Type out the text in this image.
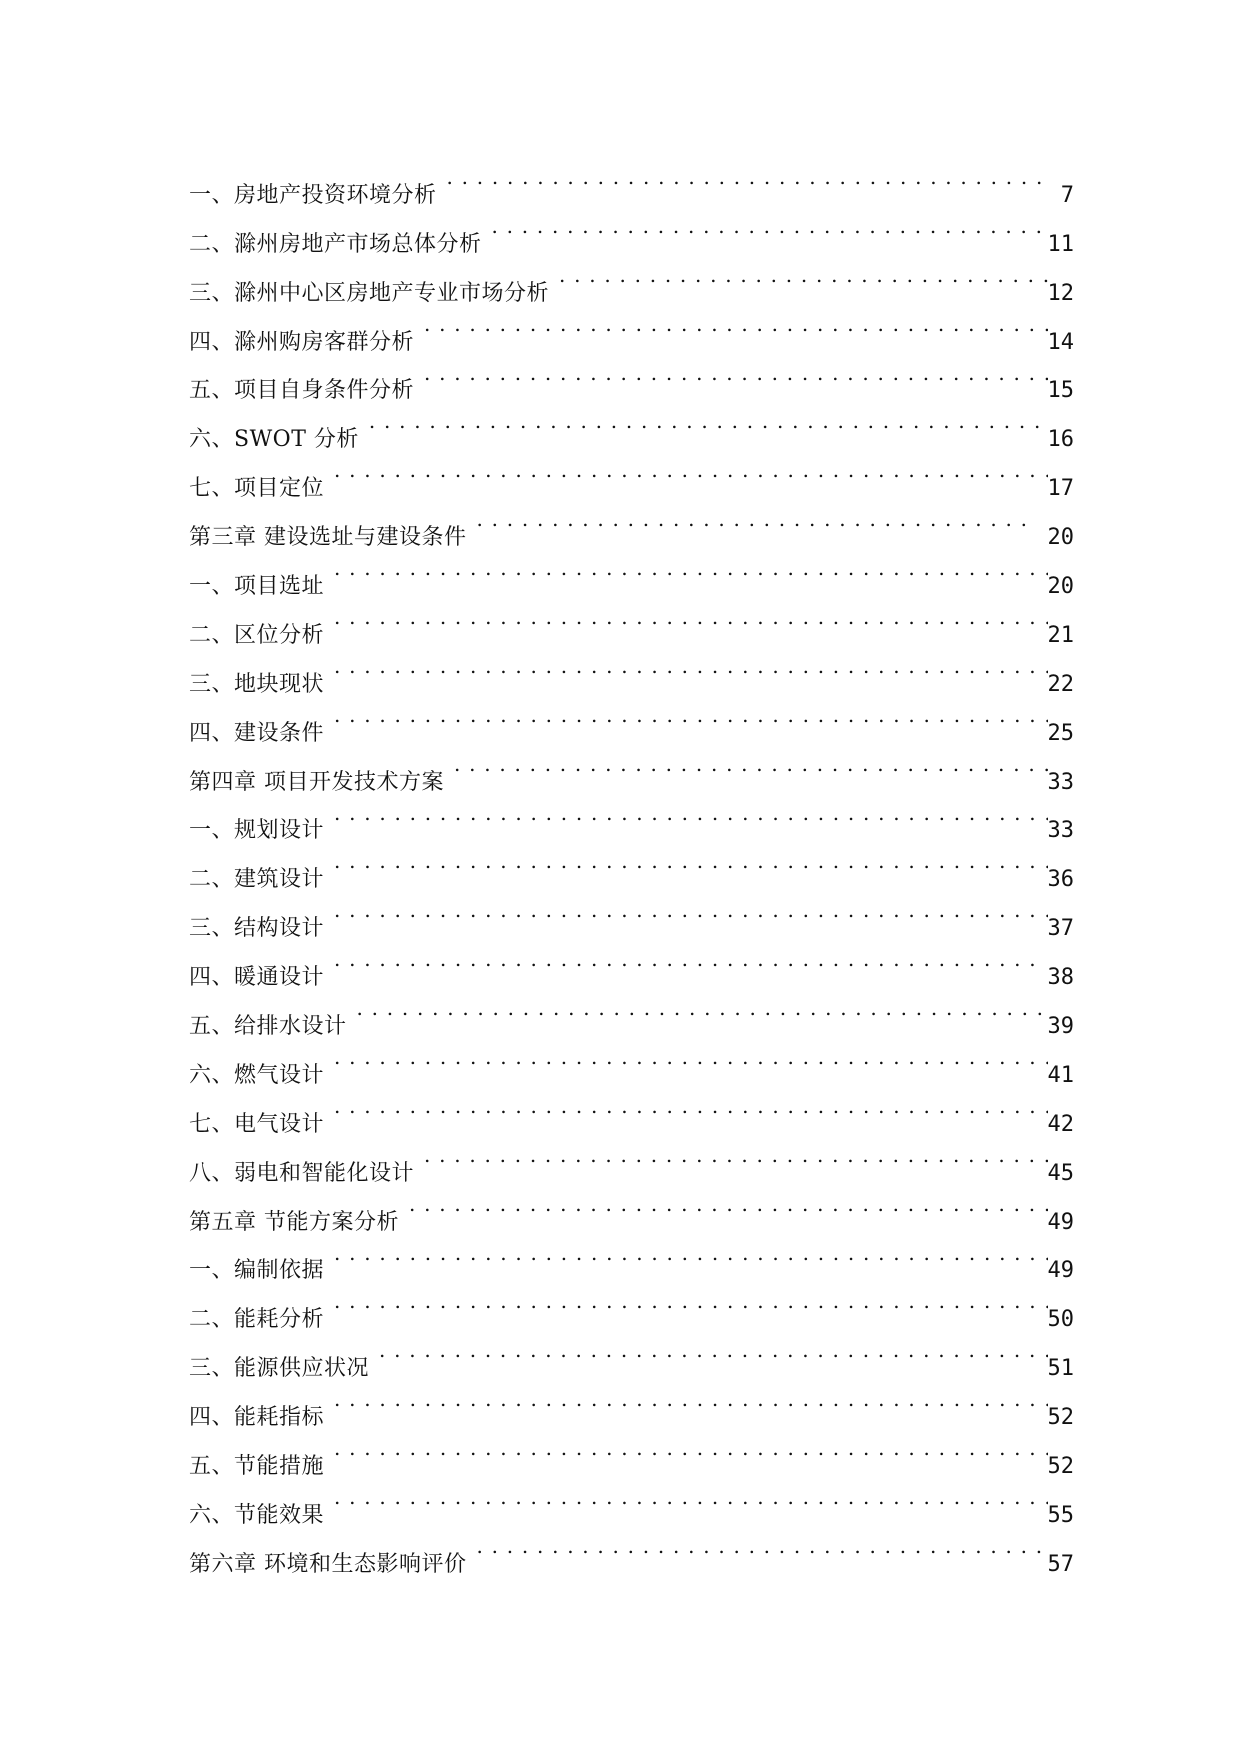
一、房地产投资环境分析 . . .	7
二、滁州房地产市场总体分析 . . .	11
三、滁州中心区房地产专业市场分析 . . .	12
四、滁州购房客群分析 . . .	14
五、项目自身条件分析 . . .	15
六、SWOT 分析 . . .	16
七、项目定位 . . .	17
第三章 建设选址与建设条件 . . .	20
一、项目选址 . . .	20
二、区位分析 . . .	21
三、地块现状 . . .	22
四、建设条件 . . .	25
第四章 项目开发技术方案 . . .	33
一、规划设计 . . .	33
二、建筑设计 . . .	36
三、结构设计 . . .	37
四、暖通设计 . . .	38
五、给排水设计 . . .	39
六、燃气设计 . . .	41
七、电气设计 . . .	42
八、弱电和智能化设计 . . .	45
第五章 节能方案分析 . . .	49
一、编制依据 . . .	49
二、能耗分析 . . .	50
三、能源供应状况 . . .	51
四、能耗指标 . . .	52
五、节能措施 . . .	52
六、节能效果 . . .	55
第六章 环境和生态影响评价 . . .	57
